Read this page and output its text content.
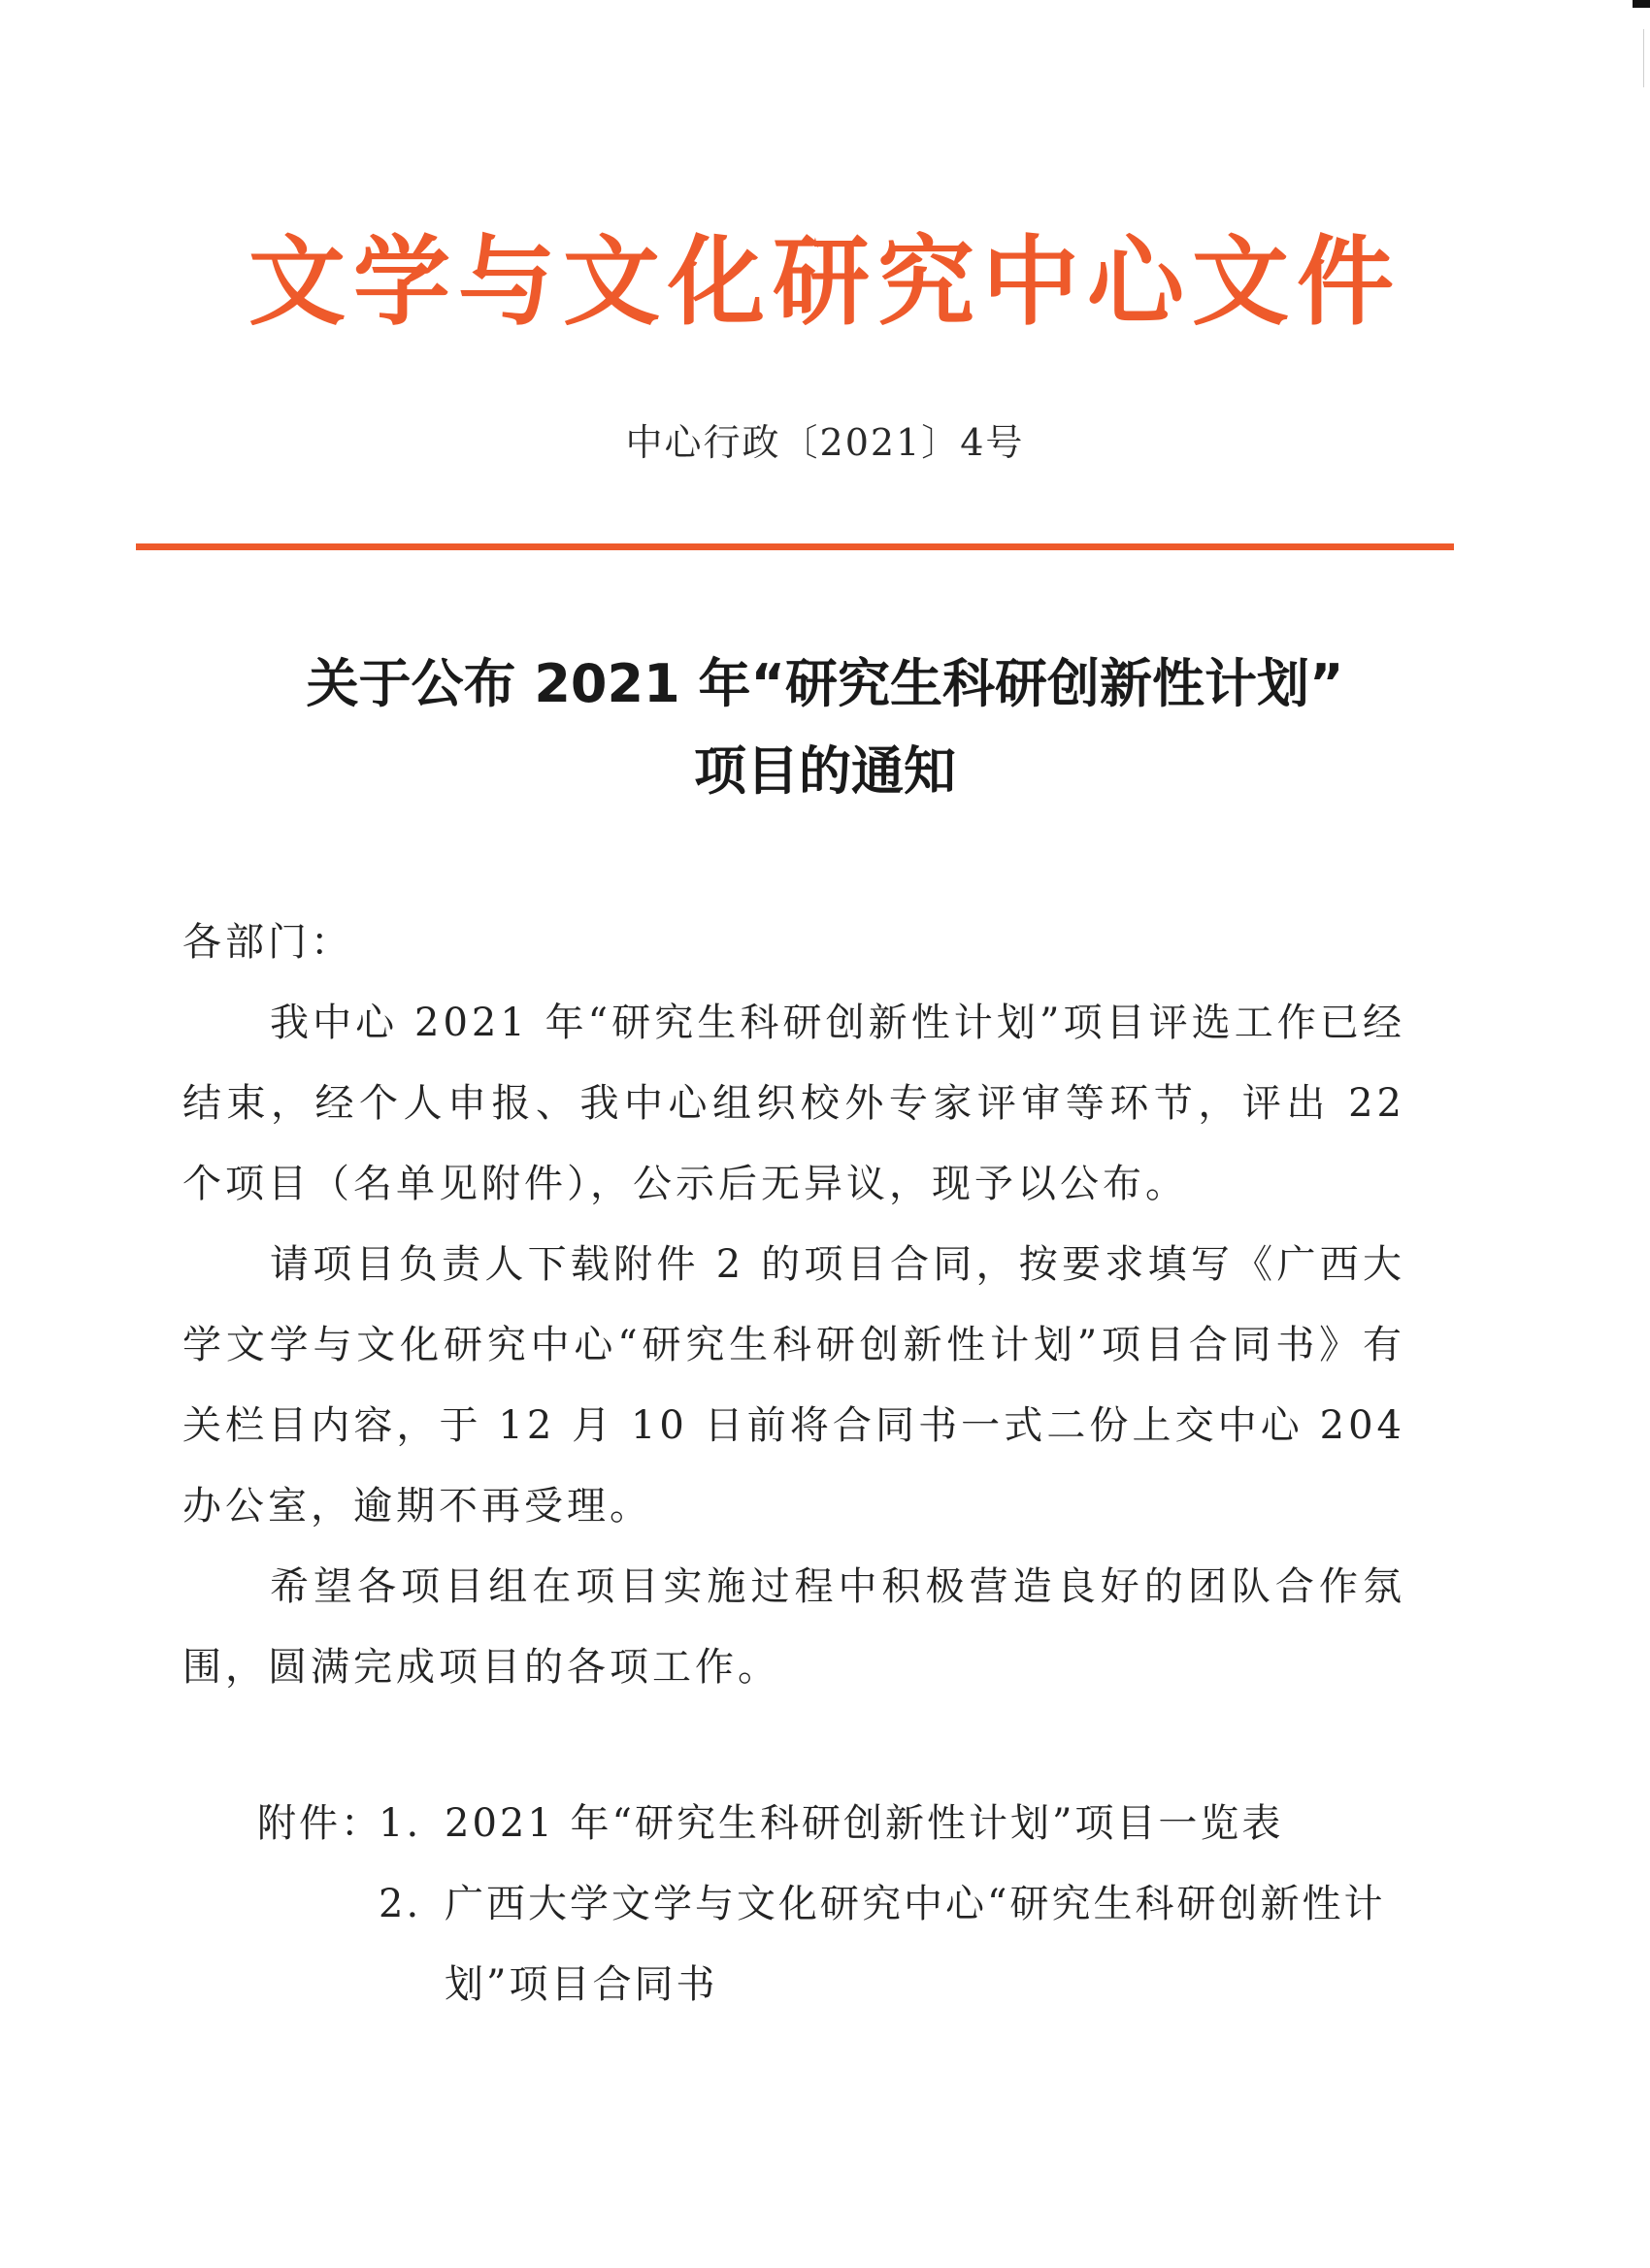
文学与文化研究中心文件
中心行政〔2021〕4号
关于公布 2021 年“研究生科研创新性计划”
项目的通知

各部门：

我中心 2021 年“研究生科研创新性计划”项目评选工作已经结束，经个人申报、我中心组织校外专家评审等环节，评出 22 个项目（名单见附件），公示后无异议，现予以公布。

请项目负责人下载附件 2 的项目合同，按要求填写《广西大学文学与文化研究中心“研究生科研创新性计划”项目合同书》有关栏目内容，于 12 月 10 日前将合同书一式二份上交中心 204 办公室，逾期不再受理。

希望各项目组在项目实施过程中积极营造良好的团队合作氛围，圆满完成项目的各项工作。

附件：
1. 2021 年“研究生科研创新性计划”项目一览表
2. 广西大学文学与文化研究中心“研究生科研创新性计划”项目合同书
